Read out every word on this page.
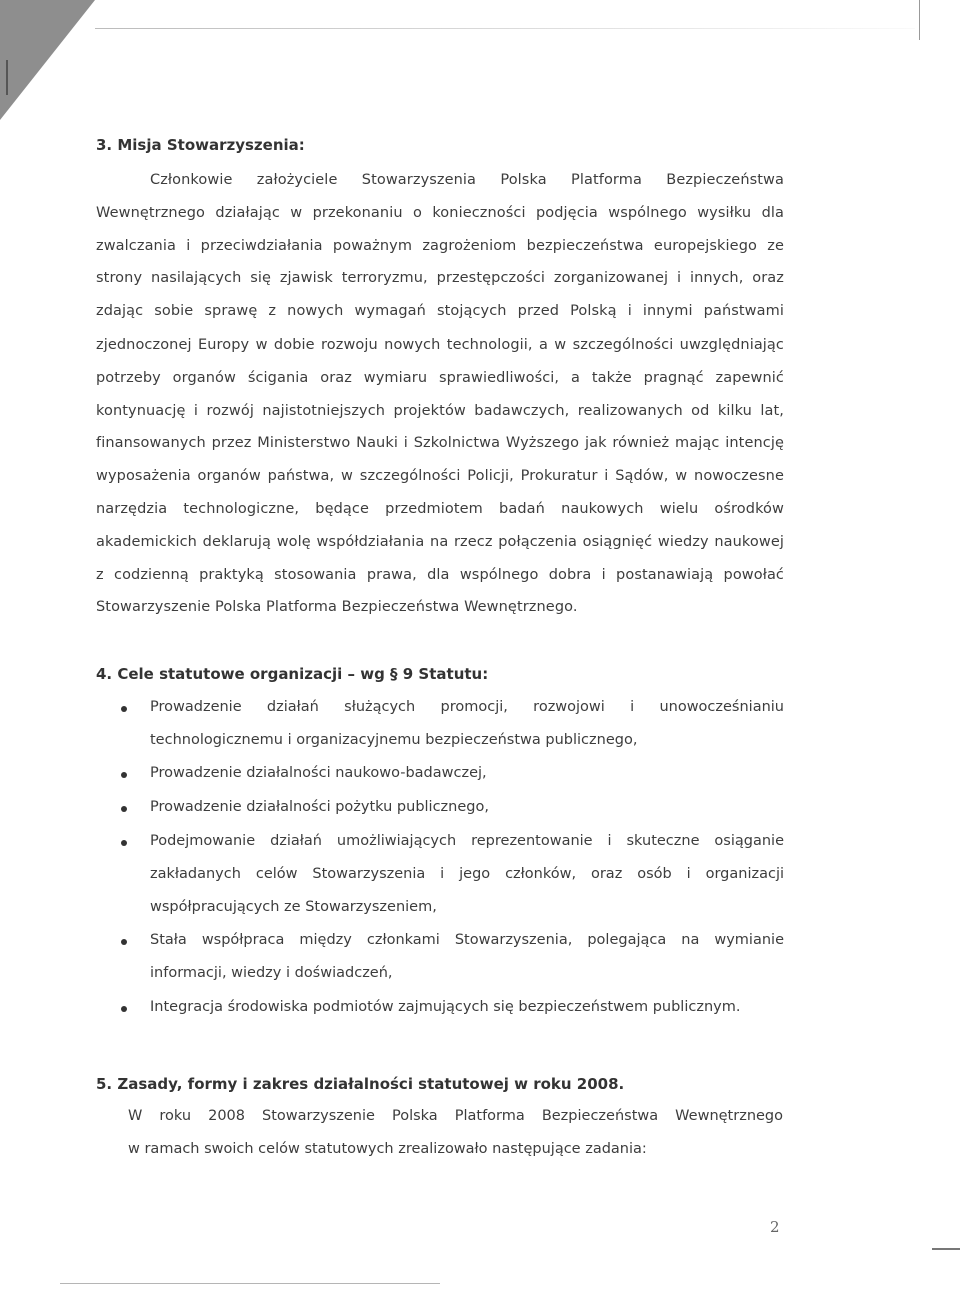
3. Misja Stowarzyszenia:
Członkowie założyciele Stowarzyszenia Polska Platforma Bezpieczeństwa
Wewnętrznego działając w przekonaniu o konieczności podjęcia wspólnego wysiłku dla
zwalczania i przeciwdziałania poważnym zagrożeniom bezpieczeństwa europejskiego ze
strony nasilających się zjawisk terroryzmu, przestępczości zorganizowanej i innych, oraz
zdając sobie sprawę z nowych wymagań stojących przed Polską i innymi państwami
zjednoczonej Europy w dobie rozwoju nowych technologii, a w szczególności uwzględniając
potrzeby organów ścigania oraz wymiaru sprawiedliwości, a także pragnąć zapewnić
kontynuację i rozwój najistotniejszych projektów badawczych, realizowanych od kilku lat,
finansowanych przez Ministerstwo Nauki i Szkolnictwa Wyższego jak również mając intencję
wyposażenia organów państwa, w szczególności Policji, Prokuratur i Sądów, w nowoczesne
narzędzia technologiczne, będące przedmiotem badań naukowych wielu ośrodków
akademickich deklarują wolę współdziałania na rzecz połączenia osiągnięć wiedzy naukowej
z codzienną praktyką stosowania prawa, dla wspólnego dobra i postanawiają powołać
Stowarzyszenie Polska Platforma Bezpieczeństwa Wewnętrznego.
4. Cele statutowe organizacji – wg § 9 Statutu:
Prowadzenie działań służących promocji, rozwojowi i unowocześnianiu
technologicznemu i organizacyjnemu bezpieczeństwa publicznego,
Prowadzenie działalności naukowo-badawczej,
Prowadzenie działalności pożytku publicznego,
Podejmowanie działań umożliwiających reprezentowanie i skuteczne osiąganie
zakładanych celów Stowarzyszenia i jego członków, oraz osób i organizacji
współpracujących ze Stowarzyszeniem,
Stała współpraca między członkami Stowarzyszenia, polegająca na wymianie
informacji, wiedzy i doświadczeń,
Integracja środowiska podmiotów zajmujących się bezpieczeństwem publicznym.
5. Zasady, formy i zakres działalności statutowej w roku 2008.
W roku 2008 Stowarzyszenie Polska Platforma Bezpieczeństwa Wewnętrznego
w ramach swoich celów statutowych zrealizowało następujące zadania:
2
